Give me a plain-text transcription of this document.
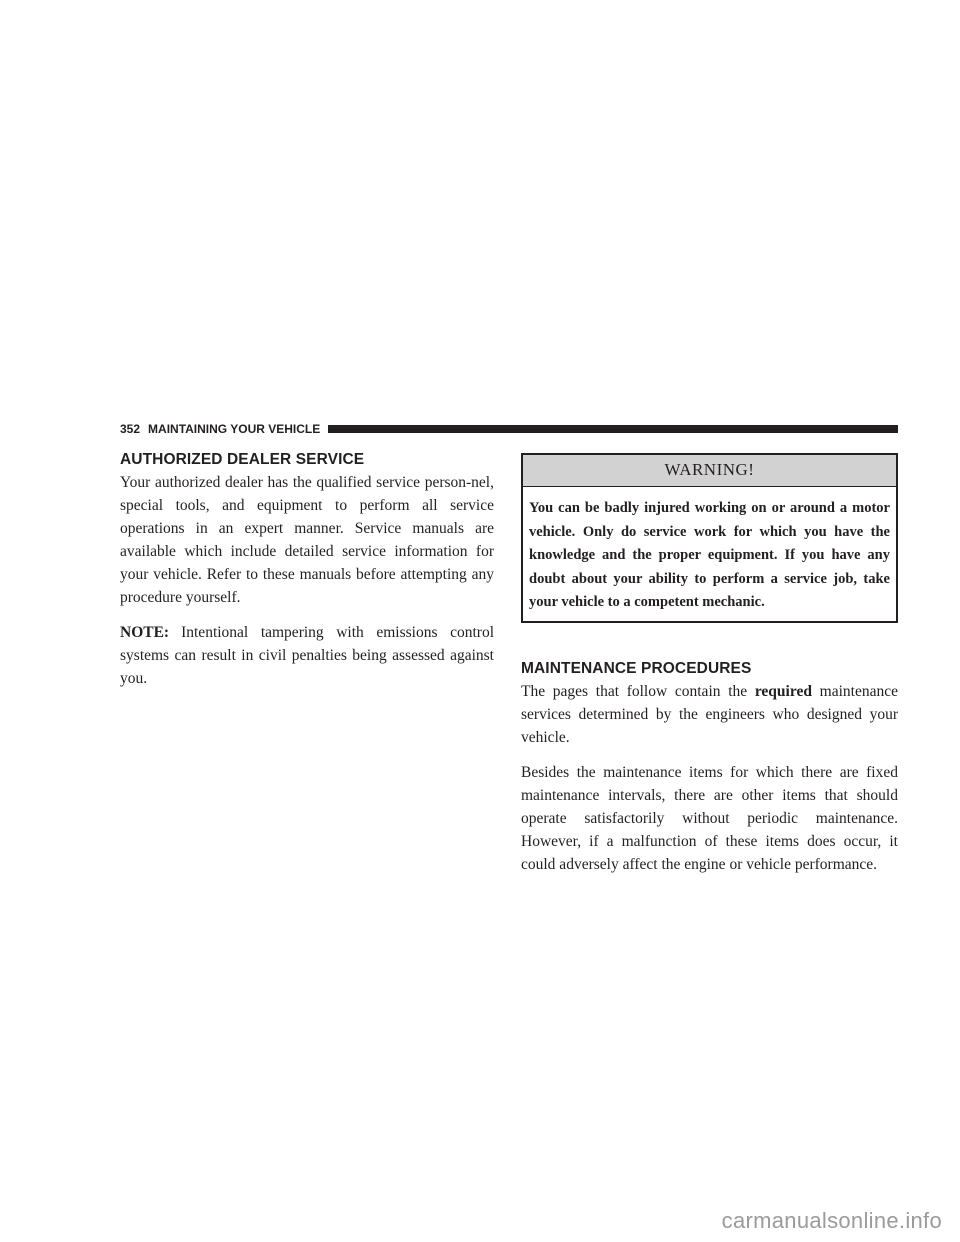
352 MAINTAINING YOUR VEHICLE
AUTHORIZED DEALER SERVICE

Your authorized dealer has the qualified service person-nel, special tools, and equipment to perform all service operations in an expert manner. Service manuals are available which include detailed service information for your vehicle. Refer to these manuals before attempting any procedure yourself.

NOTE: Intentional tampering with emissions control systems can result in civil penalties being assessed against you.

WARNING!

You can be badly injured working on or around a motor vehicle. Only do service work for which you have the knowledge and the proper equipment. If you have any doubt about your ability to perform a service job, take your vehicle to a competent mechanic.

MAINTENANCE PROCEDURES

The pages that follow contain the required maintenance services determined by the engineers who designed your vehicle.

Besides the maintenance items for which there are fixed maintenance intervals, there are other items that should operate satisfactorily without periodic maintenance. However, if a malfunction of these items does occur, it could adversely affect the engine or vehicle performance.

carmanualsonline.info
